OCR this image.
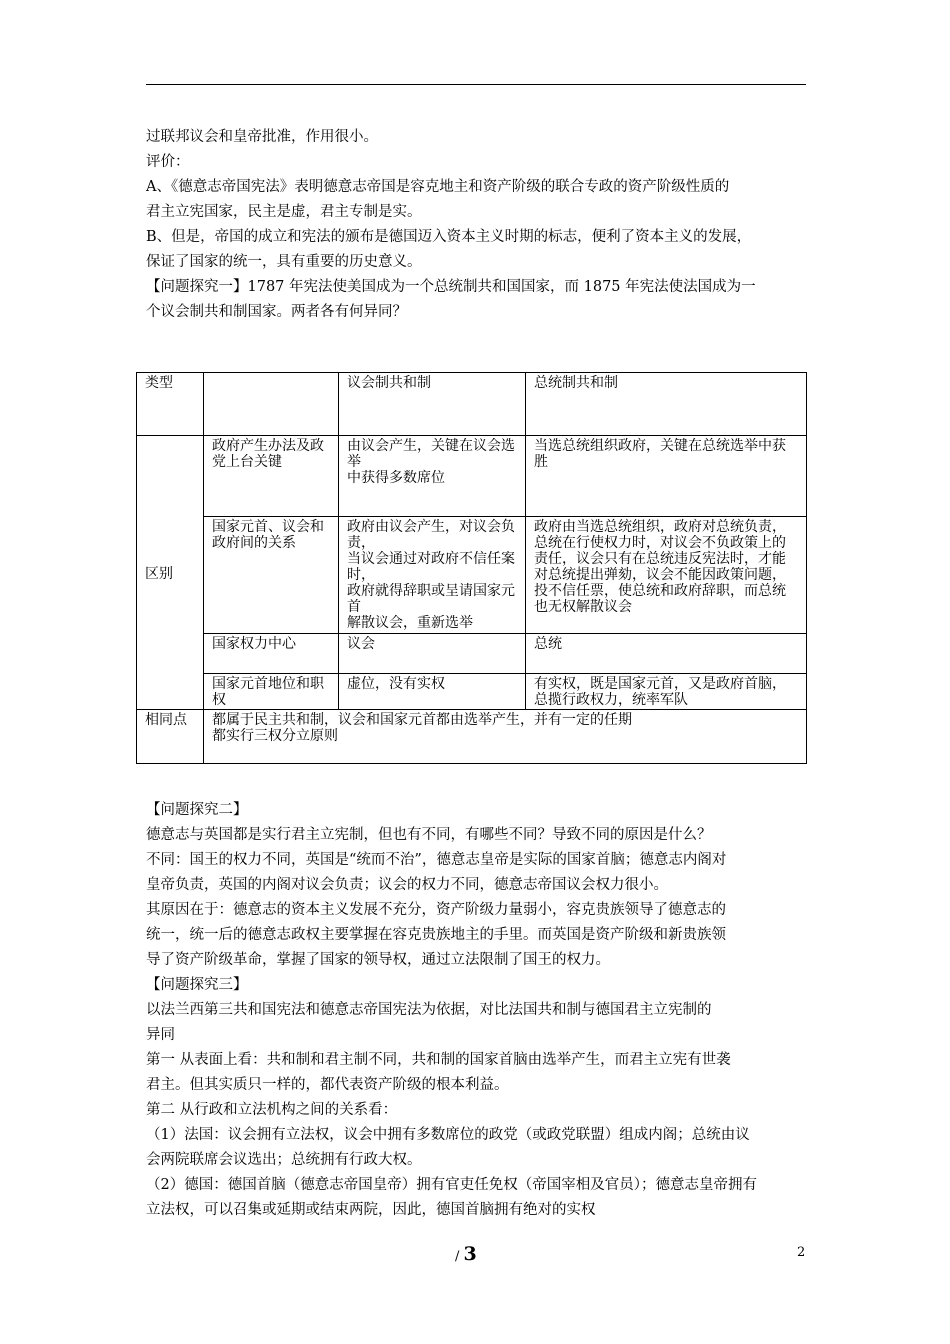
过联邦议会和皇帝批准，作用很小。
评价：
A、《德意志帝国宪法》表明德意志帝国是容克地主和资产阶级的联合专政的资产阶级性质的
君主立宪国家，民主是虚，君主专制是实。
B、但是，帝国的成立和宪法的颁布是德国迈入资本主义时期的标志，便利了资本主义的发展，
保证了国家的统一，具有重要的历史意义。
【问题探究一】1787 年宪法使美国成为一个总统制共和国国家，而 1875 年宪法使法国成为一
个议会制共和制国家。两者各有何异同？
类型		议会制共和制	总统制共和制
区别	政府产生办法及政党上台关键	由议会产生，关键在议会选举
中获得多数席位	当选总统组织政府，关键在总统选举中获胜
	国家元首、议会和政府间的关系	政府由议会产生，对议会负责，
当议会通过对政府不信任案时，
政府就得辞职或呈请国家元首
解散议会，重新选举	政府由当选总统组织，政府对总统负责，总统在行使权力时，对议会不负政策上的责任，议会只有在总统违反宪法时，才能对总统提出弹劾，议会不能因政策问题，投不信任票，使总统和政府辞职，而总统也无权解散议会
	国家权力中心	议会	总统
	国家元首地位和职权	虚位，没有实权	有实权，既是国家元首，又是政府首脑，总揽行政权力，统率军队
相同点	都属于民主共和制，议会和国家元首都由选举产生，并有一定的任期
都实行三权分立原则		
【问题探究二】
德意志与英国都是实行君主立宪制，但也有不同，有哪些不同？导致不同的原因是什么？
不同：国王的权力不同，英国是“统而不治”，德意志皇帝是实际的国家首脑；德意志内阁对
皇帝负责，英国的内阁对议会负责；议会的权力不同，德意志帝国议会权力很小。
其原因在于：德意志的资本主义发展不充分，资产阶级力量弱小，容克贵族领导了德意志的
统一，统一后的德意志政权主要掌握在容克贵族地主的手里。而英国是资产阶级和新贵族领
导了资产阶级革命，掌握了国家的领导权，通过立法限制了国王的权力。
【问题探究三】
以法兰西第三共和国宪法和德意志帝国宪法为依据，对比法国共和制与德国君主立宪制的
异同
第一 从表面上看：共和制和君主制不同，共和制的国家首脑由选举产生，而君主立宪有世袭
君主。但其实质只一样的，都代表资产阶级的根本利益。
第二 从行政和立法机构之间的关系看：
（1）法国：议会拥有立法权，议会中拥有多数席位的政党（或政党联盟）组成内阁；总统由议
会两院联席会议选出；总统拥有行政大权。
（2）德国：德国首脑（德意志帝国皇帝）拥有官吏任免权（帝国宰相及官员）；德意志皇帝拥有
立法权，可以召集或延期或结束两院，因此，德国首脑拥有绝对的实权
/ 3	2
